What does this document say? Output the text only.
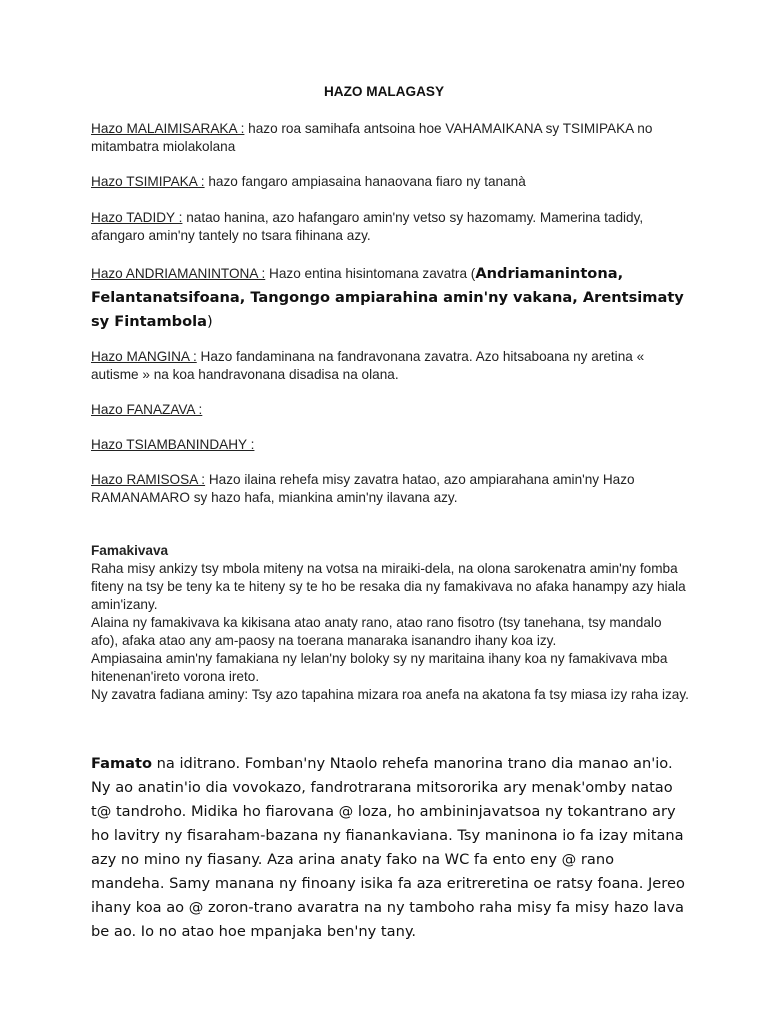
HAZO MALAGASY

Hazo MALAIMISARAKA : hazo roa samihafa antsoina hoe VAHAMAIKANA sy TSIMIPAKA no mitambatra miolakolana

Hazo TSIMIPAKA : hazo fangaro ampiasaina hanaovana fiaro ny tananà

Hazo TADIDY : natao hanina, azo hafangaro amin'ny vetso sy hazomamy. Mamerina tadidy, afangaro amin'ny tantely no tsara fihinana azy.

Hazo ANDRIAMANINTONA : Hazo entina hisintomana zavatra (Andriamanintona, Felantanatsifoana, Tangongo ampiarahina amin'ny vakana, Arentsimaty sy Fintambola)

Hazo MANGINA : Hazo fandaminana na fandravonana zavatra. Azo hitsaboana ny aretina « autisme » na koa handravonana disadisa na olana.

Hazo FANAZAVA :

Hazo TSIAMBANINDAHY :

Hazo RAMISOSA : Hazo ilaina rehefa misy zavatra hatao, azo ampiarahana amin'ny Hazo RAMANAMARO sy hazo hafa, miankina amin'ny ilavana azy.

Famakivava
Raha misy ankizy tsy mbola miteny na votsa na miraiki-dela, na olona sarokenatra amin'ny fomba fiteny na tsy be teny ka te hiteny sy te ho be resaka dia ny famakivava no afaka hanampy azy hiala amin'izany.
Alaina ny famakivava ka kikisana atao anaty rano, atao rano fisotro (tsy tanehana, tsy mandalo afo), afaka atao any am-paosy na toerana manaraka isanandro ihany koa izy.
Ampiasaina amin'ny famakiana ny lelan'ny boloky sy ny maritaina ihany koa ny famakivava mba hitenenan'ireto vorona ireto.
Ny zavatra fadiana aminy: Tsy azo tapahina mizara roa anefa na akatona fa tsy miasa izy raha izay.

Famato na iditrano. Fomban'ny Ntaolo rehefa manorina trano dia manao an'io. Ny ao anatin'io dia vovokazo, fandrotrarana mitsororika ary menak'omby natao t@ tandroho. Midika ho fiarovana @ loza, ho ambininjavatsoa ny tokantrano ary ho lavitry ny fisaraham-bazana ny fianankaviana. Tsy maninona io fa izay mitana azy no mino ny fiasany. Aza arina anaty fako na WC fa ento eny @ rano mandeha. Samy manana ny finoany isika fa aza eritreretina oe ratsy foana. Jereo ihany koa ao @ zoron-trano avaratra na ny tamboho raha misy fa misy hazo lava be ao. Io no atao hoe mpanjaka ben'ny tany.
